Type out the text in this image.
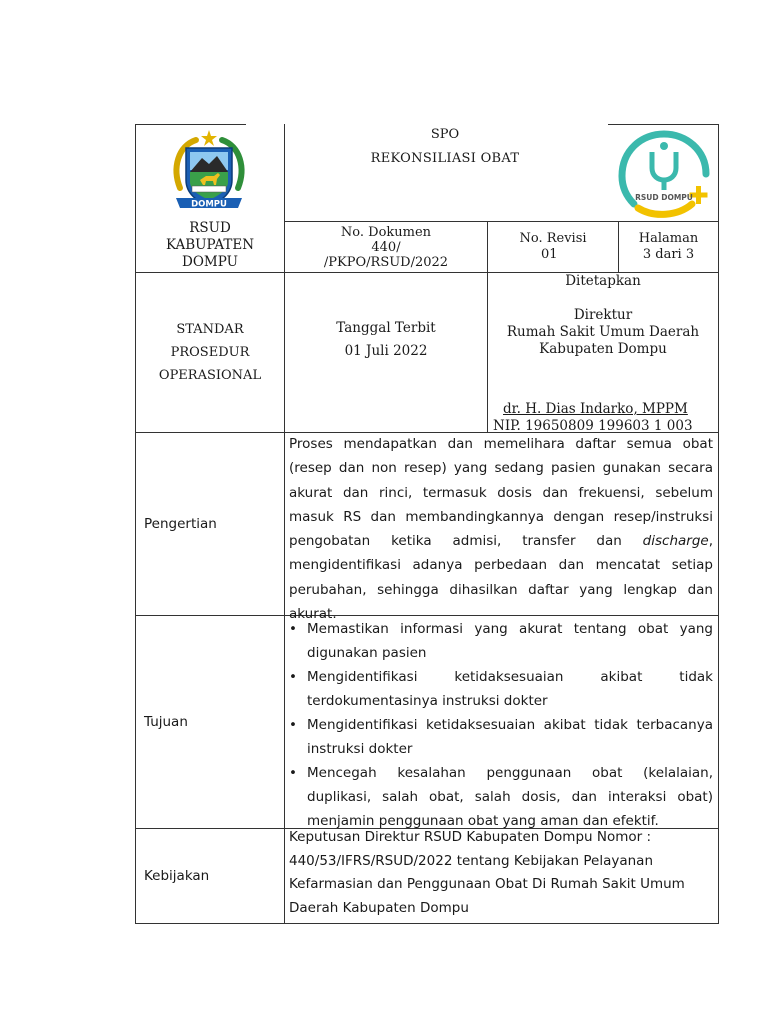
DOMPU
RSUD
KABUPATEN
DOMPU
SPO
REKONSILIASI OBAT
RSUD DOMPU
No. Dokumen
440/
/PKPO/RSUD/2022
No. Revisi
01
Halaman
3 dari 3
STANDAR
PROSEDUR
OPERASIONAL
Tanggal Terbit
01 Juli 2022
Ditetapkan
Direktur
Rumah Sakit Umum Daerah
Kabupaten Dompu
dr. H. Dias Indarko, MPPM
NIP. 19650809 199603 1 003
Pengertian

Proses mendapatkan dan memelihara daftar semua obat (resep dan non resep) yang sedang pasien gunakan secara akurat dan rinci, termasuk dosis dan frekuensi, sebelum masuk RS dan membandingkannya dengan resep/instruksi pengobatan ketika admisi, transfer dan discharge, mengidentifikasi adanya perbedaan dan mencatat setiap perubahan, sehingga dihasilkan daftar yang lengkap dan akurat.

Tujuan
• Memastikan informasi yang akurat tentang obat yang digunakan pasien
• Mengidentifikasi ketidaksesuaian akibat tidak terdokumentasinya instruksi dokter
• Mengidentifikasi ketidaksesuaian akibat tidak terbacanya instruksi dokter
• Mencegah kesalahan penggunaan obat (kelalaian, duplikasi, salah obat, salah dosis, dan interaksi obat) menjamin penggunaan obat yang aman dan efektif.
Kebijakan
Keputusan Direktur RSUD Kabupaten Dompu Nomor : 440/53/IFRS/RSUD/2022 tentang Kebijakan Pelayanan Kefarmasian dan Penggunaan Obat Di Rumah Sakit Umum Daerah Kabupaten Dompu
